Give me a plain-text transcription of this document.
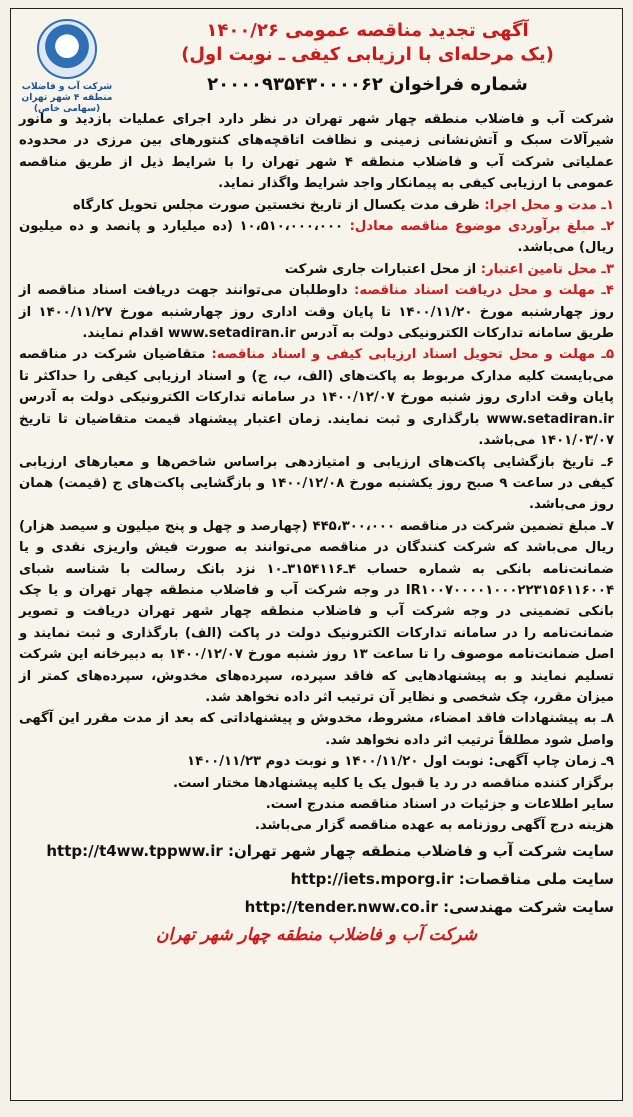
شرکت آب و فاضلاب منطقه ۴ شهر تهران (سهامی خاص)
آگهی تجدید مناقصه عمومی ۱۴۰۰/۲۶
(یک مرحله‌ای با ارزیابی کیفی ـ نوبت اول)
شماره فراخوان ۲۰۰۰۰۹۳۵۴۳۰۰۰۰۶۲

شرکت آب و فاضلاب منطقه چهار شهر تهران در نظر دارد اجرای عملیات بازدید و مانور شیرآلات سبک و آتش‌نشانی زمینی و نظافت اتاقچه‌های کنتورهای بین مرزی در محدوده عملیاتی شرکت آب و فاضلاب منطقه ۴ شهر تهران را با شرایط ذیل از طریق مناقصه عمومی با ارزیابی کیفی به پیمانکار واجد شرایط واگذار نماید.

۱ـ مدت و محل اجرا: ظرف مدت یکسال از تاریخ نخستین صورت مجلس تحویل کارگاه

۲ـ مبلغ برآوردی موضوع مناقصه معادل: ۱۰،۵۱۰،۰۰۰،۰۰۰ (ده میلیارد و پانصد و ده میلیون ریال) می‌باشد.

۳ـ محل تامین اعتبار: از محل اعتبارات جاری شرکت

۴ـ مهلت و محل دریافت اسناد مناقصه: داوطلبان می‌توانند جهت دریافت اسناد مناقصه از روز چهارشنبه مورخ ۱۴۰۰/۱۱/۲۰ تا پایان وقت اداری روز چهارشنبه مورخ ۱۴۰۰/۱۱/۲۷ از طریق سامانه تدارکات الکترونیکی دولت به آدرس www.setadiran.ir اقدام نمایند.

۵ـ مهلت و محل تحویل اسناد ارزیابی کیفی و اسناد مناقصه: متقاضیان شرکت در مناقصه می‌بایست کلیه مدارک مربوط به پاکت‌های (الف، ب، ج) و اسناد ارزیابی کیفی را حداکثر تا پایان وقت اداری روز شنبه مورخ ۱۴۰۰/۱۲/۰۷ در سامانه تدارکات الکترونیکی دولت به آدرس www.setadiran.ir بارگذاری و ثبت نمایند. زمان اعتبار پیشنهاد قیمت متقاضیان تا تاریخ ۱۴۰۱/۰۳/۰۷ می‌باشد.

۶ـ تاریخ بازگشایی پاکت‌های ارزیابی و امتیازدهی براساس شاخص‌ها و معیارهای ارزیابی کیفی در ساعت ۹ صبح روز یکشنبه مورخ ۱۴۰۰/۱۲/۰۸ و بازگشایی پاکت‌های ج (قیمت) همان روز می‌باشد.

۷ـ مبلغ تضمین شرکت در مناقصه ۴۴۵،۳۰۰،۰۰۰ (چهارصد و چهل و پنج میلیون و سیصد هزار) ریال می‌باشد که شرکت کنندگان در مناقصه می‌توانند به صورت فیش واریزی نقدی و یا ضمانت‌نامه بانکی به شماره حساب ۴ـ۳۱۵۴۱۱۶ـ۱۰ نزد بانک رسالت با شناسه شبای IR۱۰۰۷۰۰۰۰۱۰۰۰۲۲۳۱۵۶۱۱۶۰۰۴ در وجه شرکت آب و فاضلاب منطقه چهار تهران و یا چک بانکی تضمینی در وجه شرکت آب و فاضلاب منطقه چهار شهر تهران دریافت و تصویر ضمانت‌نامه را در سامانه تدارکات الکترونیک دولت در پاکت (الف) بارگذاری و ثبت نمایند و اصل ضمانت‌نامه موصوف را تا ساعت ۱۳ روز شنبه مورخ ۱۴۰۰/۱۲/۰۷ به دبیرخانه این شرکت تسلیم نمایند و به پیشنهادهایی که فاقد سپرده، سپرده‌های مخدوش، سپرده‌های کمتر از میزان مقرر، چک شخصی و نظایر آن ترتیب اثر داده نخواهد شد.

۸ـ به پیشنهادات فاقد امضاء، مشروط، مخدوش و پیشنهاداتی که بعد از مدت مقرر این آگهی واصل شود مطلقاً ترتیب اثر داده نخواهد شد.

۹ـ زمان چاپ آگهی: نوبت اول ۱۴۰۰/۱۱/۲۰ و نوبت دوم ۱۴۰۰/۱۱/۲۳

برگزار کننده مناقصه در رد یا قبول یک یا کلیه پیشنهادها مختار است.

سایر اطلاعات و جزئیات در اسناد مناقصه مندرج است.

هزینه درج آگهی روزنامه به عهده مناقصه گزار می‌باشد.

سایت شرکت آب و فاضلاب منطقه چهار شهر تهران: http://t4ww.tppww.ir
سایت ملی مناقصات: http://iets.mporg.ir
سایت شرکت مهندسی: http://tender.nww.co.ir
شرکت آب و فاضلاب منطقه چهار شهر تهران
